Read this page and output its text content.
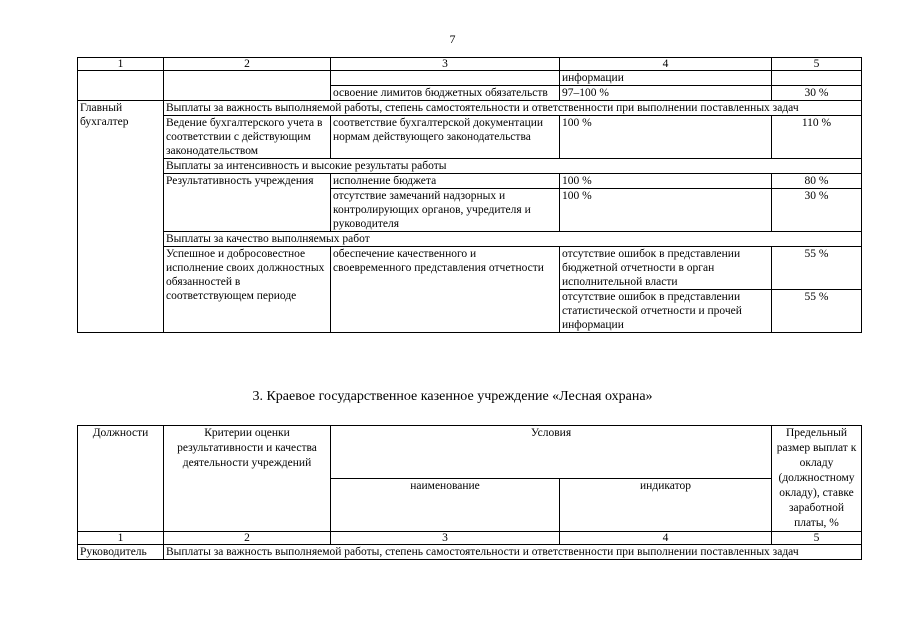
7
1	2	3	4	5
			информации	
		освоение лимитов бюджетных обязательств	97–100 %	30 %
Главный бухгалтер	Выплаты за важность выполняемой работы, степень самостоятельности и ответственности при выполнении поставленных задач			
	Ведение бухгалтерского учета в соответствии с действующим законодательством	соответствие бухгалтерской документации нормам действующего законодательства	100 %	110 %
	Выплаты за интенсивность и высокие результаты работы			
	Результативность учреждения	исполнение бюджета	100 %	80 %
		отсутствие замечаний надзорных и контролирующих органов, учредителя и руководителя	100 %	30 %
	Выплаты за качество выполняемых работ			
	Успешное и добросовестное исполнение своих должностных обязанностей в соответствующем периоде	обеспечение качественного и своевременного представления отчетности	отсутствие ошибок в представлении бюджетной отчетности в орган исполнительной власти	55 %
			отсутствие ошибок в представлении статистической отчетности и прочей информации	55 %
3. Краевое государственное казенное учреждение «Лесная охрана»
Должности	Критерии оценки результативности и качества деятельности учреждений	Условия		Предельный размер выплат к окладу (должностному окладу), ставке заработной платы, %
		наименование	индикатор	
1	2	3	4	5
Руководитель	Выплаты за важность выполняемой работы, степень самостоятельности и ответственности при выполнении поставленных задач			
